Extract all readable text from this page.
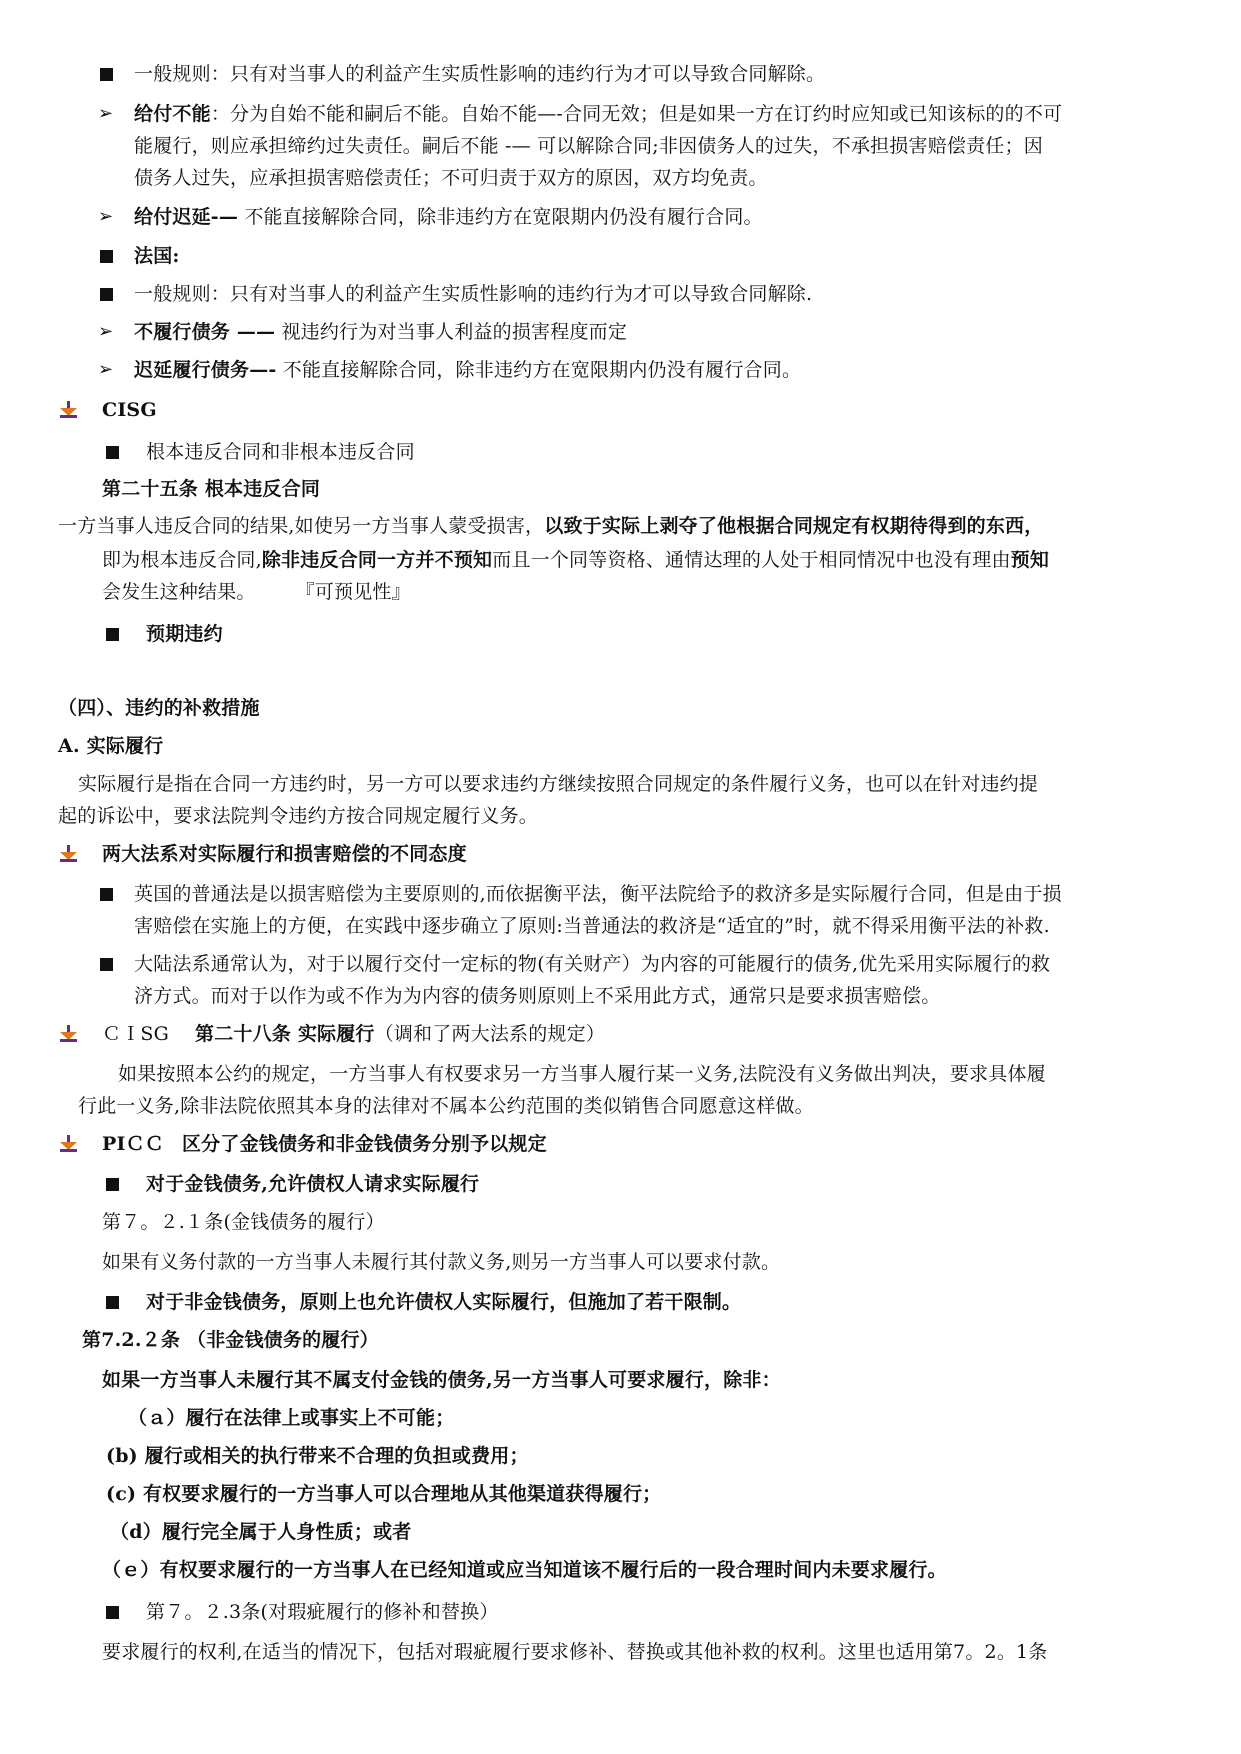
一般规则：只有对当事人的利益产生实质性影响的违约行为才可以导致合同解除。
➢ 给付不能：分为自始不能和嗣后不能。自始不能—-合同无效；但是如果一方在订约时应知或已知该标的的不可
能履行，则应承担缔约过失责任。嗣后不能 -— 可以解除合同;非因债务人的过失，不承担损害赔偿责任；因
债务人过失，应承担损害赔偿责任；不可归责于双方的原因，双方均免责。
➢ 给付迟延-— 不能直接解除合同，除非违约方在宽限期内仍没有履行合同。
法国:
一般规则：只有对当事人的利益产生实质性影响的违约行为才可以导致合同解除.
➢ 不履行债务 —— 视违约行为对当事人利益的损害程度而定
➢ 迟延履行债务—- 不能直接解除合同，除非违约方在宽限期内仍没有履行合同。
CISG
根本违反合同和非根本违反合同
第二十五条 根本违反合同
一方当事人违反合同的结果,如使另一方当事人蒙受损害，以致于实际上剥夺了他根据合同规定有权期待得到的东西，
即为根本违反合同,除非违反合同一方并不预知而且一个同等资格、通情达理的人处于相同情况中也没有理由预知
会发生这种结果。 『可预见性』
预期违约
（四）、违约的补救措施
A. 实际履行
实际履行是指在合同一方违约时，另一方可以要求违约方继续按照合同规定的条件履行义务，也可以在针对违约提
起的诉讼中，要求法院判令违约方按合同规定履行义务。
两大法系对实际履行和损害赔偿的不同态度
英国的普通法是以损害赔偿为主要原则的,而依据衡平法，衡平法院给予的救济多是实际履行合同，但是由于损
害赔偿在实施上的方便，在实践中逐步确立了原则:当普通法的救济是“适宜的”时，就不得采用衡平法的补救.
大陆法系通常认为，对于以履行交付一定标的物(有关财产）为内容的可能履行的债务,优先采用实际履行的救
济方式。而对于以作为或不作为为内容的债务则原则上不采用此方式，通常只是要求损害赔偿。
ＣＩSG 第二十八条 实际履行（调和了两大法系的规定）
如果按照本公约的规定，一方当事人有权要求另一方当事人履行某一义务,法院没有义务做出判决，要求具体履
行此一义务,除非法院依照其本身的法律对不属本公约范围的类似销售合同愿意这样做。
PIＣＣ 区分了金钱债务和非金钱债务分别予以规定
对于金钱债务,允许债权人请求实际履行
第７。２.１条(金钱债务的履行）
如果有义务付款的一方当事人未履行其付款义务,则另一方当事人可以要求付款。
对于非金钱债务，原则上也允许债权人实际履行，但施加了若干限制。
第7.2.２条 （非金钱债务的履行）
如果一方当事人未履行其不属支付金钱的债务,另一方当事人可要求履行，除非：
（ａ）履行在法律上或事实上不可能；
(b) 履行或相关的执行带来不合理的负担或费用；
(c) 有权要求履行的一方当事人可以合理地从其他渠道获得履行；
（d）履行完全属于人身性质；或者
（ｅ）有权要求履行的一方当事人在已经知道或应当知道该不履行后的一段合理时间内未要求履行。
第７。２.3条(对瑕疵履行的修补和替换）
要求履行的权利,在适当的情况下，包括对瑕疵履行要求修补、替换或其他补救的权利。这里也适用第7。2。1条
